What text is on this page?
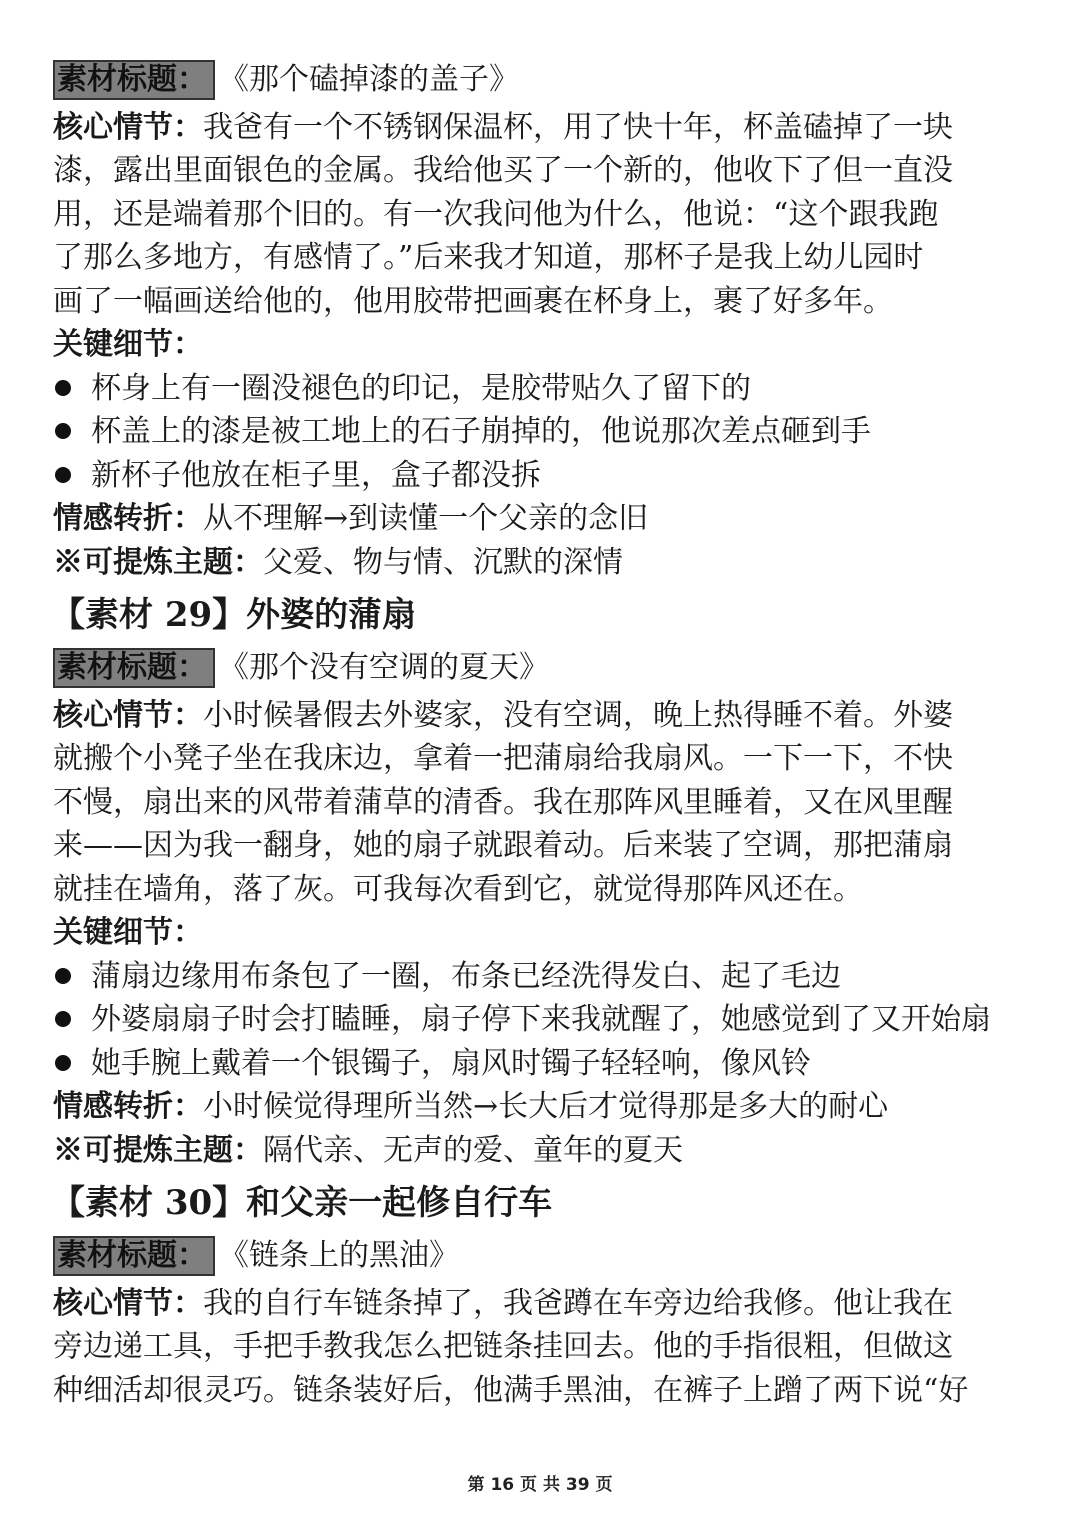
素材标题： 《那个磕掉漆的盖子》
核心情节：我爸有一个不锈钢保温杯，用了快十年，杯盖磕掉了一块
漆，露出里面银色的金属。我给他买了一个新的，他收下了但一直没
用，还是端着那个旧的。有一次我问他为什么，他说：“这个跟我跑
了那么多地方，有感情了。”后来我才知道，那杯子是我上幼儿园时
画了一幅画送给他的，他用胶带把画裹在杯身上，裹了好多年。
关键细节：
杯身上有一圈没褪色的印记，是胶带贴久了留下的
杯盖上的漆是被工地上的石子崩掉的，他说那次差点砸到手
新杯子他放在柜子里，盒子都没拆
情感转折：从不理解→到读懂一个父亲的念旧
※可提炼主题：父爱、物与情、沉默的深情
【素材 29】外婆的蒲扇
素材标题： 《那个没有空调的夏天》
核心情节：小时候暑假去外婆家，没有空调，晚上热得睡不着。外婆
就搬个小凳子坐在我床边，拿着一把蒲扇给我扇风。一下一下，不快
不慢，扇出来的风带着蒲草的清香。我在那阵风里睡着，又在风里醒
来——因为我一翻身，她的扇子就跟着动。后来装了空调，那把蒲扇
就挂在墙角，落了灰。可我每次看到它，就觉得那阵风还在。
关键细节：
蒲扇边缘用布条包了一圈，布条已经洗得发白、起了毛边
外婆扇扇子时会打瞌睡，扇子停下来我就醒了，她感觉到了又开始扇
她手腕上戴着一个银镯子，扇风时镯子轻轻响，像风铃
情感转折：小时候觉得理所当然→长大后才觉得那是多大的耐心
※可提炼主题：隔代亲、无声的爱、童年的夏天
【素材 30】和父亲一起修自行车
素材标题： 《链条上的黑油》
核心情节：我的自行车链条掉了，我爸蹲在车旁边给我修。他让我在
旁边递工具，手把手教我怎么把链条挂回去。他的手指很粗，但做这
种细活却很灵巧。链条装好后，他满手黑油，在裤子上蹭了两下说“好
第 16 页 共 39 页
